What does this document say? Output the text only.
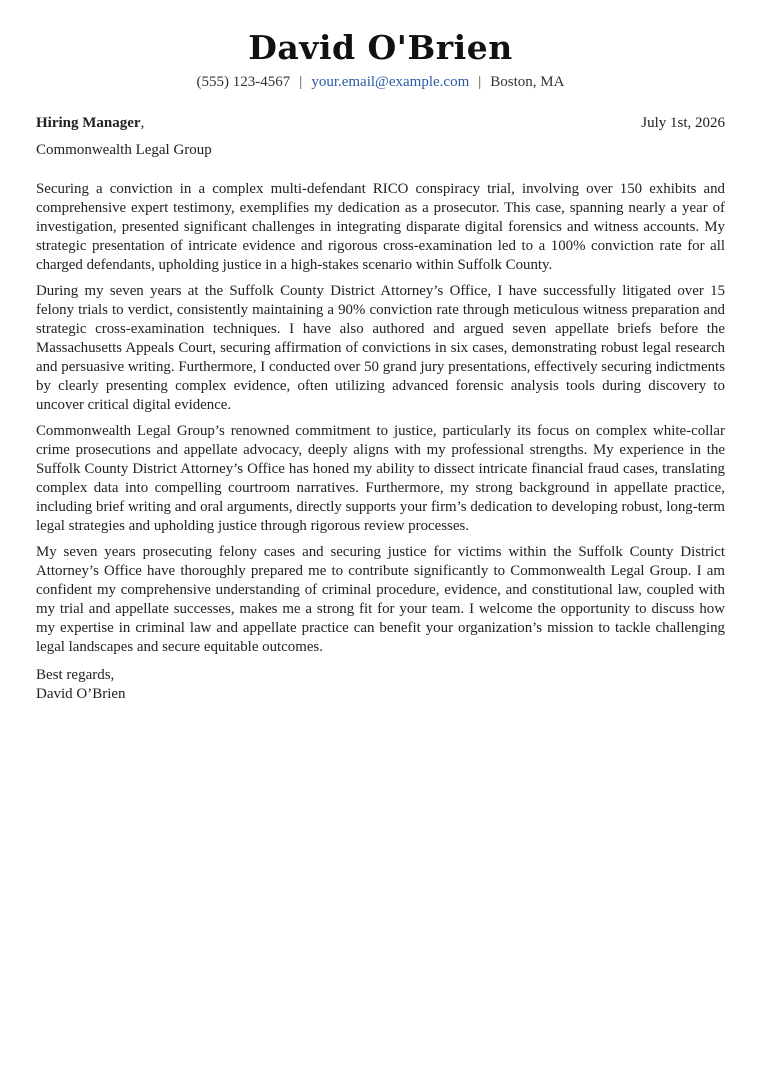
David O'Brien
(555) 123-4567 | your.email@example.com | Boston, MA
Hiring Manager,	July 1st, 2026
Commonwealth Legal Group

Securing a conviction in a complex multi-defendant RICO conspiracy trial, involving over 150 exhibits and comprehensive expert testimony, exemplifies my dedication as a prosecutor. This case, spanning nearly a year of investigation, presented significant challenges in integrating disparate digital forensics and witness accounts. My strategic presentation of intricate evidence and rigorous cross-examination led to a 100% conviction rate for all charged defendants, upholding justice in a high-stakes scenario within Suffolk County.

During my seven years at the Suffolk County District Attorney’s Office, I have successfully litigated over 15 felony trials to verdict, consistently maintaining a 90% conviction rate through meticulous witness preparation and strategic cross-examination techniques. I have also authored and argued seven appellate briefs before the Massachusetts Appeals Court, securing affirmation of convictions in six cases, demonstrating robust legal research and persuasive writing. Furthermore, I conducted over 50 grand jury presentations, effectively securing indictments by clearly presenting complex evidence, often utilizing advanced forensic analysis tools during discovery to uncover critical digital evidence.

Commonwealth Legal Group’s renowned commitment to justice, particularly its focus on complex white-collar crime prosecutions and appellate advocacy, deeply aligns with my professional strengths. My experience in the Suffolk County District Attorney’s Office has honed my ability to dissect intricate financial fraud cases, translating complex data into compelling courtroom narratives. Furthermore, my strong background in appellate practice, including brief writing and oral arguments, directly supports your firm’s dedication to developing robust, long-term legal strategies and upholding justice through rigorous review processes.

My seven years prosecuting felony cases and securing justice for victims within the Suffolk County District Attorney’s Office have thoroughly prepared me to contribute significantly to Commonwealth Legal Group. I am confident my comprehensive understanding of criminal procedure, evidence, and constitutional law, coupled with my trial and appellate successes, makes me a strong fit for your team. I welcome the opportunity to discuss how my expertise in criminal law and appellate practice can benefit your organization’s mission to tackle challenging legal landscapes and secure equitable outcomes.

Best regards,
David O’Brien
